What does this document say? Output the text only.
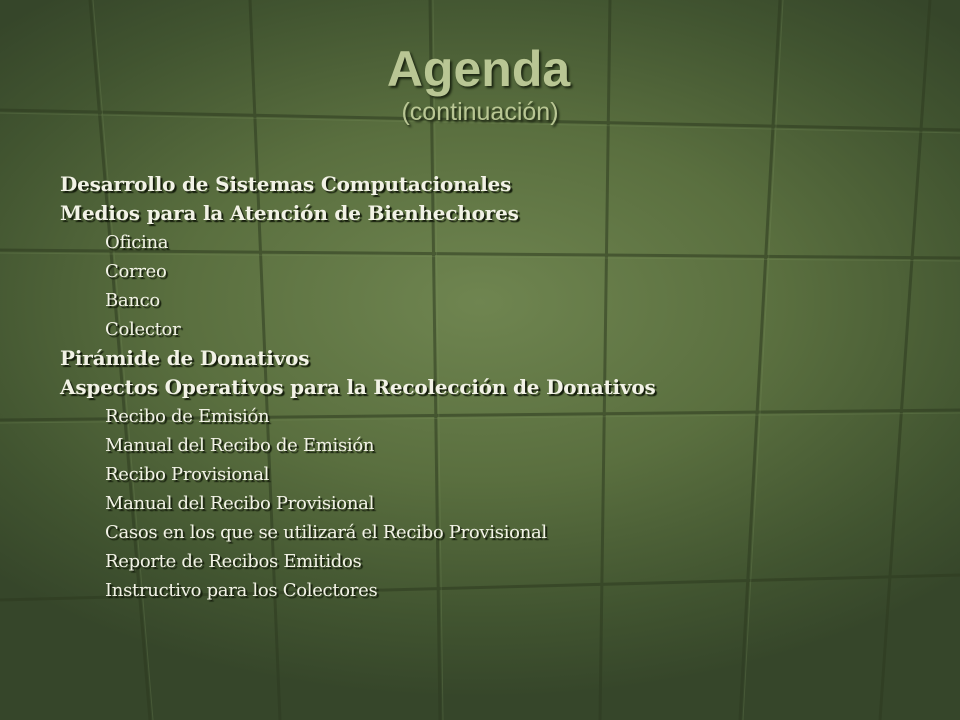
Agenda
(continuación)
Desarrollo de Sistemas Computacionales
Medios para la Atención de Bienhechores
Oficina
Correo
Banco
Colector
Pirámide de Donativos
Aspectos Operativos para la Recolección de Donativos
Recibo de Emisión
Manual del Recibo de Emisión
Recibo Provisional
Manual del Recibo Provisional
Casos en los que se utilizará el Recibo Provisional
Reporte de Recibos Emitidos
Instructivo para los Colectores
